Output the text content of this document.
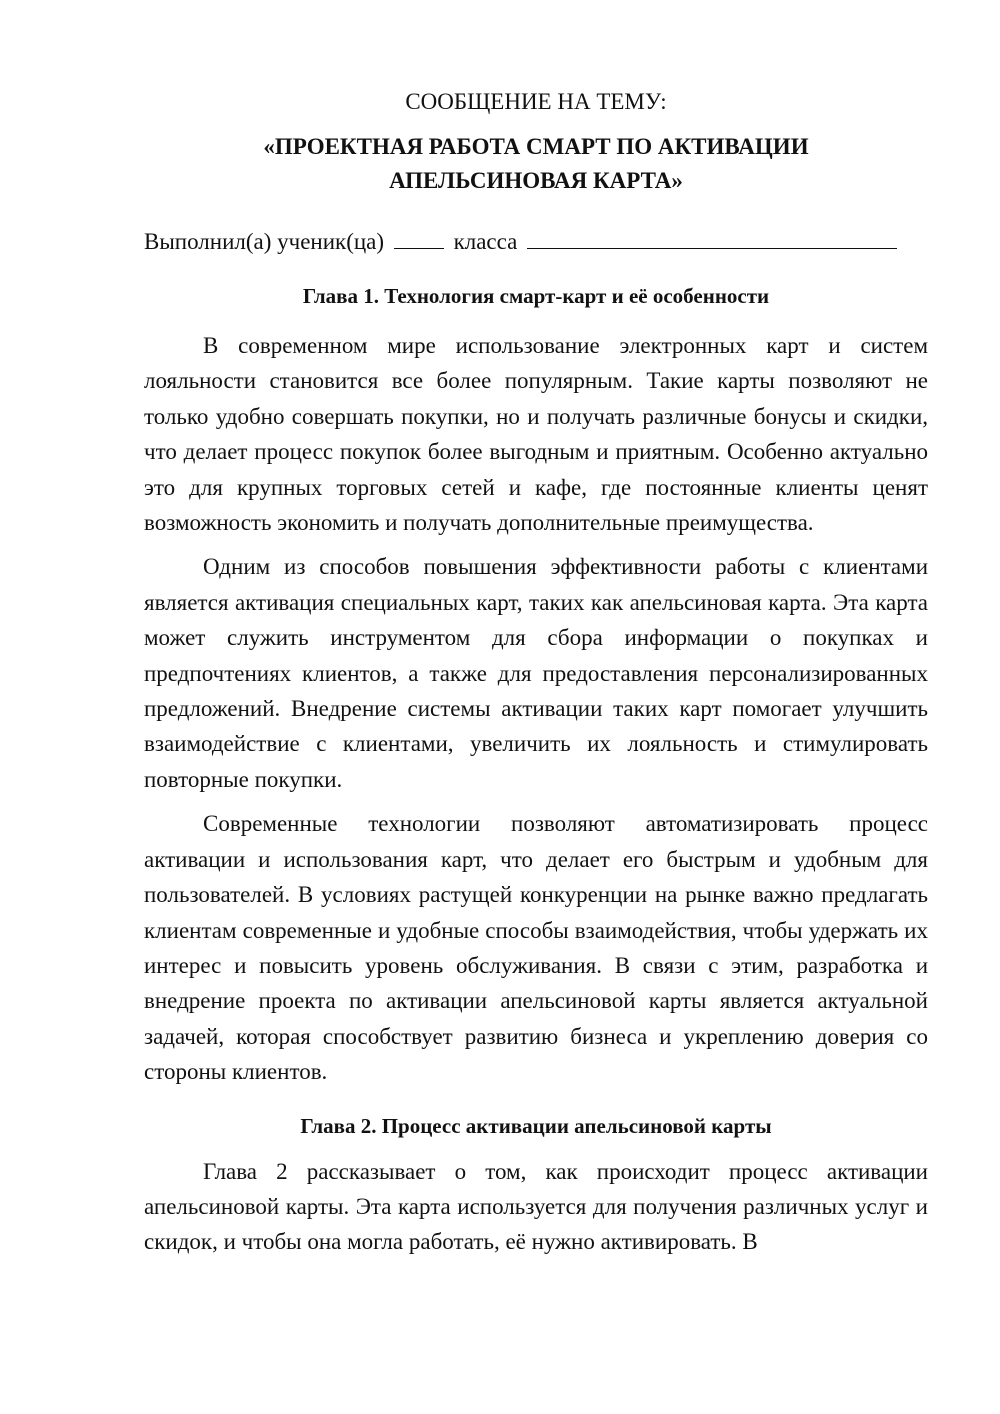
СООБЩЕНИЕ НА ТЕМУ:

«ПРОЕКТНАЯ РАБОТА СМАРТ ПО АКТИВАЦИИ
АПЕЛЬСИНОВАЯ КАРТА»

Выполнил(а) ученик(ца)	класса

Глава 1. Технология смарт-карт и её особенности

В современном мире использование электронных карт и систем лояльности становится все более популярным. Такие карты позволяют не только удобно совершать покупки, но и получать различные бонусы и скидки, что делает процесс покупок более выгодным и приятным. Особенно актуально это для крупных торговых сетей и кафе, где постоянные клиенты ценят возможность экономить и получать дополнительные преимущества.

Одним из способов повышения эффективности работы с клиентами является активация специальных карт, таких как апельсиновая карта. Эта карта может служить инструментом для сбора информации о покупках и предпочтениях клиентов, а также для предоставления персонализированных предложений. Внедрение системы активации таких карт помогает улучшить взаимодействие с клиентами, увеличить их лояльность и стимулировать повторные покупки.

Современные технологии позволяют автоматизировать процесс активации и использования карт, что делает его быстрым и удобным для пользователей. В условиях растущей конкуренции на рынке важно предлагать клиентам современные и удобные способы взаимодействия, чтобы удержать их интерес и повысить уровень обслуживания. В связи с этим, разработка и внедрение проекта по активации апельсиновой карты является актуальной задачей, которая способствует развитию бизнеса и укреплению доверия со стороны клиентов.

Глава 2. Процесс активации апельсиновой карты

Глава 2 рассказывает о том, как происходит процесс активации апельсиновой карты. Эта карта используется для получения различных услуг и скидок, и чтобы она могла работать, её нужно активировать. В
